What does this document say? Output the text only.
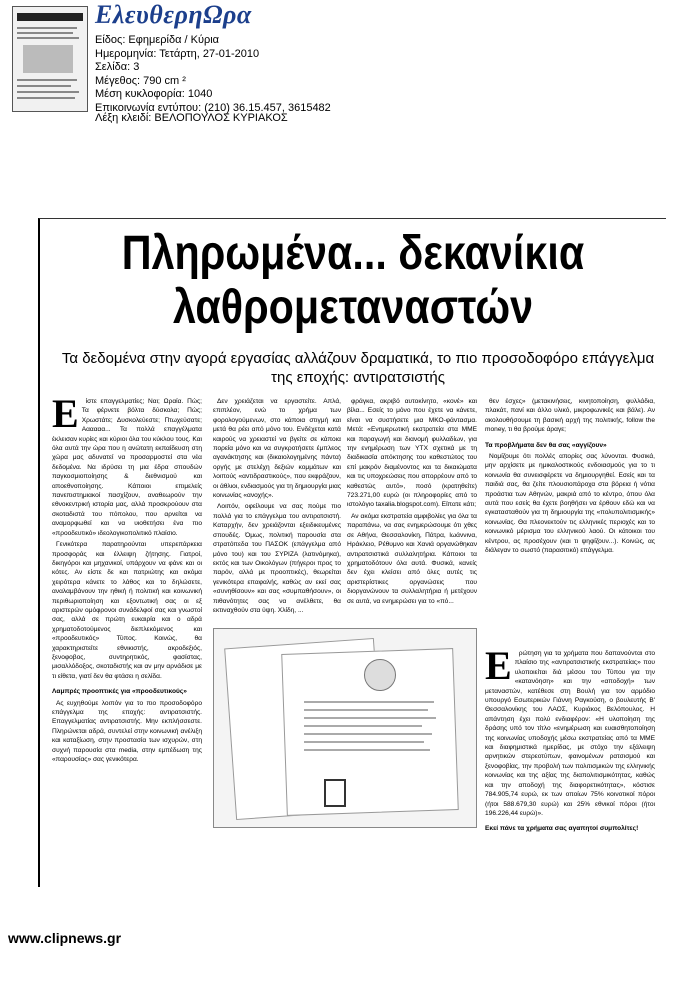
ΕλευθερηΩρα
Είδος: Εφημερίδα / Κύρια
Ημερομηνία: Τετάρτη, 27-01-2010
Σελίδα: 3
Μέγεθος: 790 cm ²
Μέση κυκλοφορία: 1040
Επικοινωνία εντύπου: (210) 36.15.457, 3615482
Λέξη κλειδί: ΒΕΛΟΠΟΥΛΟΣ ΚΥΡΙΑΚΟΣ
Πληρωμένα... δεκανίκια
λαθρομεταναστών
Τα δεδομένα στην αγορά εργασίας αλλάζουν δραματικά, το πιο προσοδοφόρο επάγγελμα της εποχής: αντιρατσιστής
Ε	ίστε επαγγελματίες; Ναι; Ωραία. Πώς; Τα φέρνετε βόλτα δύσκολα; Πώς; Χρωστάτε; Δυσκολεύεστε; Πτωχεύσατε; Αααααα... Τα πολλά επαγγέλματα έκλεισαν κυρίες και κύριοι όλα του κύκλου τους. Και όλα αυτά την ώρα που η ανώτατη εκπαίδευση στη χώρα μας αδυνατεί να προσαρμοστεί στα νέα δεδομένα. Να ιδρύσει τη μια έδρα σπουδών παγκοσμιοποίησης & διεθνισμού και αποεθνοποίησης. Κάποιοι επιμελείς πανεπιστημιακοί πασχίζουν, αναθεωρούν την εθνοκεντρική ιστορία μας, αλλά προσκρούουν στα σκοταδιστά του πόπολου, που αρνείται να αναμορφωθεί και να υιοθετήσει ένα πιο «προοδευτικό» ιδεολογικοπολιτικό πλαίσιο.

Γενικότερα παρατηρούνται υπερεπάρκεια προσφοράς και έλλειψη ζήτησης. Γιατροί, δικηγόροι και μηχανικοί, υπάρχουν να φάνε και οι κότες. Αν είστε δε και πατριώτης και ακόμα χειρότερα κάνετε το λάθος και το δηλώσετε, αναλαμβάνουν την ηθική ή πολιτική και κοινωνική περιθωριοποίηση και εξοντωτική σας οι εξ αριστερών ομόφρονοι συνάδελφοί σας και γνωστοί σας, αλλά σε πρώτη ευκαιρία και ο αδρά χρηματοδοτούμενος διεπλεκόμενος και «προοδευτικός» Τύπος. Κοινώς, θα χαρακτηριστείτε εθνικιστής, ακροδεξιός, ξενοφοβος, συντηρητικός, φασίστας, μισαλλόδοξος, σκοταδιστής και αν μην αρνάδισε με τι είθετα, γιατί δεν θα φτάσει η σελίδα.

Λαμπρές προοπτικές για «προοδευτικούς»

Ας ευχηθούμε λοιπόν για το πιο προσοδοφόρο επάγγελμα της εποχής: αντιρατσιστής. Επαγγελματίας αντιρατσιστής. Μην εκπλήσσεστε. Πληρώνεται αδρά, συντελεί στην κοινωνική ανέλιξη και καταξίωση, στην προστασία των ισχυρών, στη συχνή παρουσία στα media, στην εμπέδωση της «παρουσίας» σας γενικότερα.

Δεν χρειάζεται να εργαστείτε. Απλά, επιπλέον, ενώ το χρήμα των φορολογούμενων, στο κάποια στιγμή και μετά θα ρέει από μόνο του. Ενδέχεται κατά καιρούς να χρειαστεί να βγείτε σε κάποια πορεία μόνο και να συγκροτήσετε έμπλεος αγανάκτησης και (δικαιολογημένης πάντα) οργής με στελέχη δεξιών κομμάτων και λοιπούς «αντιδραστικούς», που εκφράζουν, οι άθλιοι, ενδιασμούς για τη δημιουργία μιας κοινωνίας «ανοχής».

Λοιπόν, οφείλουμε να σας πούμε πιο πολλά για το επάγγελμα του αντιρατσιστή. Καταρχήν, δεν χρειάζονται εξειδικευμένες σπουδές. Όμως, πολιτική παρουσία στα στρατόπεδα του ΠΑΣΟΚ (επάγγελμα από μόνο του) και του ΣΥΡΙΖΑ (λατινόμηκα), εκτός και των Οικολόγων (πήγεροι προς το παρόν, αλλά με προοπτικές), θεωρείται γενικότερα επαφαλής, καθώς αν εκεί σας «συνηθίσουν» και σας «συμπαθήσουν», οι πιθανότητες σας να ανέλθετε, θα εκτιναχθούν στα ύψη. Χλίδη, ...

φράγκα, ακριβό αυτοκίνητο, «κονέ» και βίλα... Εσείς το μόνο που έχετε να κάνετε, είναι να συστήσετε μια ΜΚΟ-φάντασμα. Μετά: «Ενημερωτική εκστρατεία στα ΜΜΕ και παραγωγή και διανομή φυλλαδίων, για την ενημέρωση των ΥΤΧ σχετικά με τη διαδικασία απόκτησης του καθεστώτος του επί μακρόν διαμένοντος και τα δικαιώματα και τις υποχρεώσεις που απορρέουν από το καθεστώς αυτό», ποσό (κρατηθείτε) 723.271,00 ευρώ (οι πληροφορίες από το ιστολόγιο taxalia.blogspot.com). Είπατε κάτι;

Αν ακόμα εκστρατεία αμφιβολίες για όλα τα παραπάνω, να σας ενημερώσουμε ότι χθες σε Αθήνα, Θεσσαλονίκη, Πάτρα, Ιωάννινα, Ηράκλειο, Ρέθυμνο και Χανιά οργανώθηκαν αντιρατσιστικά συλλαλητήρια. Κάποιοι τα χρηματοδότουν όλα αυτά. Φυσικά, κανείς δεν έχει κλείσει από όλες αυτές τις αριστερίστικες οργανώσεις που διοργανώνουν τα συλλαλητήρια ή μετέχουν σε αυτά, να ενημερώσει για το «πό...

θεν έσχες» (μετακινήσεις, κινητοποίηση, φυλλάδια, πλακάτ, πανί και άλλο υλικό, μικροφωνικές και βάλε). Αν ακολουθήσουμε τη βασική αρχή της πολιτικής, follow the money, τι θα βρούμε άραγε;

Τα προβλήματα δεν θα σας «αγγίζουν»

Νομίζουμε ότι πολλές απορίες σας λύνονται. Φυσικά, μην αρχίσετε με ημικαλοστικούς ενδοιασμούς για το τι κοινωνία θα συνεισφέρετε να δημιουργηθεί. Εσείς και τα παιδιά σας, θα ζείτε πλουσιοπάροχα στα βόρεια ή νότια προάστια των Αθηνών, μακριά από το κέντρο, όπου όλα αυτά που εσείς θα έχετε βοηθήσει να έρθουν εδώ και να εγκατασταθούν για τη δημιουργία της «πολυπολιτισμικής» κοινωνίας. Θα πλεονεκτούν τις ελληνικές περιοχές και το κοινωνικό μέρισμα του ελληνικού λαού. Οι κάτοικοι του κέντρου, ας προσέχουν (και τι ψηφίζουν...). Κοινώς, ας διάλεγαν το σωστό (παρασιτικό) επάγγελμα.

Ε	ρώτηση για τα χρήματα που δαπανούνται στο πλαίσιο της «αντιρατσιστικής εκστρατείας» που υλοποιείται διά μέσου του Τύπου για την «κατανόηση» και την «αποδοχή» των μεταναστών, κατέθεσε στη Βουλή για τον αρμόδιο υπουργό Εσωτερικών Γιάννη Ραγκούση, ο βουλευτής Β' Θεσσαλονίκης του ΛΑΟΣ, Κυριάκος Βελόπουλος. Η απάντηση έχει πολύ ενδιαφέρον: «Η υλοποίηση της δράσης υπό τον τίτλο «ενημέρωση και ευαισθητοποίηση της κοινωνίας υποδοχής μέσω εκστρατείας από τα ΜΜΕ και διαφημιστικά ημερίδας, με στόχο την εξάλειψη αρνητικών στερεοτύπων, φαινομένων ρατσισμού και ξενοφοβίας, την προβολή των πολιτισμικών της ελληνικής κοινωνίας και της αξίας της διαπολιτισμικότητας, καθώς και την αποδοχή της διαφορετικότητας», κόστισε 784.905,74 ευρώ, εκ των οποίων 75% κοινοτικοί πόροι (ήτοι 588.679,30 ευρώ) και 25% εθνικοί πόροι (ήτοι 196.226,44 ευρώ)».

Εκεί πάνε τα χρήματα σας αγαπητοί συμπολίτες!

www.clipnews.gr
